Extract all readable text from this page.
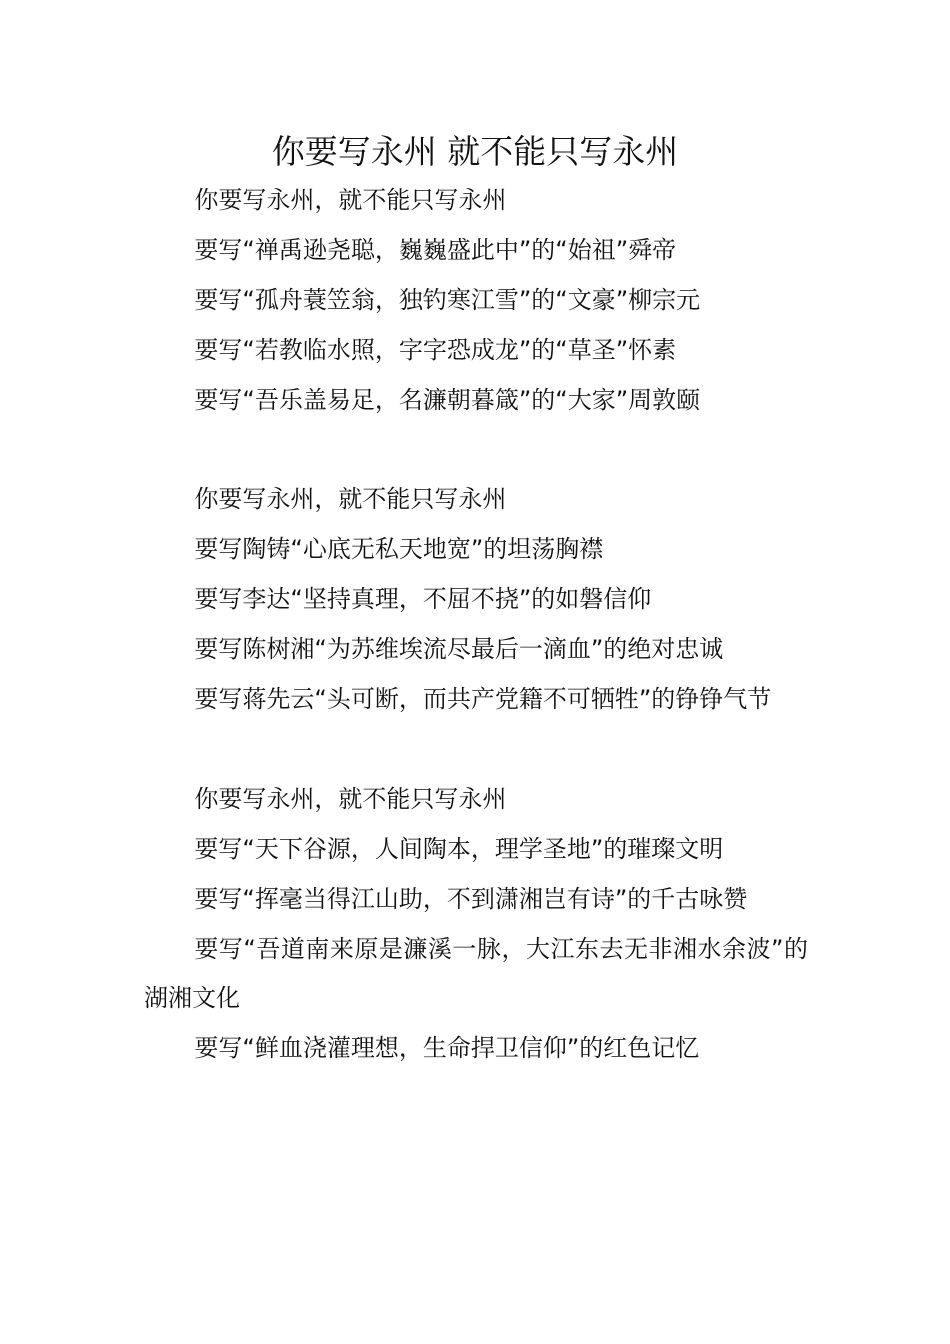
你要写永州 就不能只写永州

你要写永州，就不能只写永州

要写“禅禹逊尧聪，巍巍盛此中”的“始祖”舜帝

要写“孤舟蓑笠翁，独钓寒江雪”的“文豪”柳宗元

要写“若教临水照，字字恐成龙”的“草圣”怀素

要写“吾乐盖易足，名濂朝暮箴”的“大家”周敦颐

你要写永州，就不能只写永州

要写陶铸“心底无私天地宽”的坦荡胸襟

要写李达“坚持真理，不屈不挠”的如磐信仰

要写陈树湘“为苏维埃流尽最后一滴血”的绝对忠诚

要写蒋先云“头可断，而共产党籍不可牺牲”的铮铮气节

你要写永州，就不能只写永州

要写“天下谷源，人间陶本，理学圣地”的璀璨文明

要写“挥毫当得江山助，不到潇湘岂有诗”的千古咏赞

要写“吾道南来原是濂溪一脉，大江东去无非湘水余波”的湖湘文化

要写“鲜血浇灌理想，生命捍卫信仰”的红色记忆
